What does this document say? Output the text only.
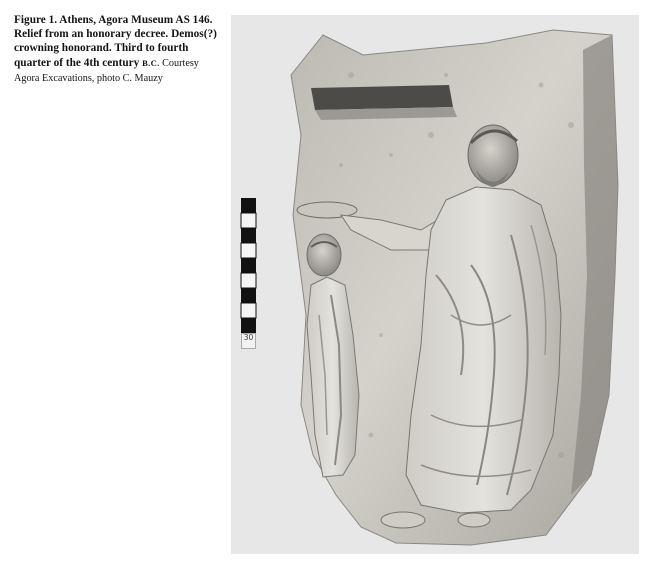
Figure 1. Athens, Agora Museum AS 146. Relief from an honorary decree. Demos(?) crowning honorand. Third to fourth quarter of the 4th century B.C. Courtesy Agora Excavations, photo C. Mauzy
30
